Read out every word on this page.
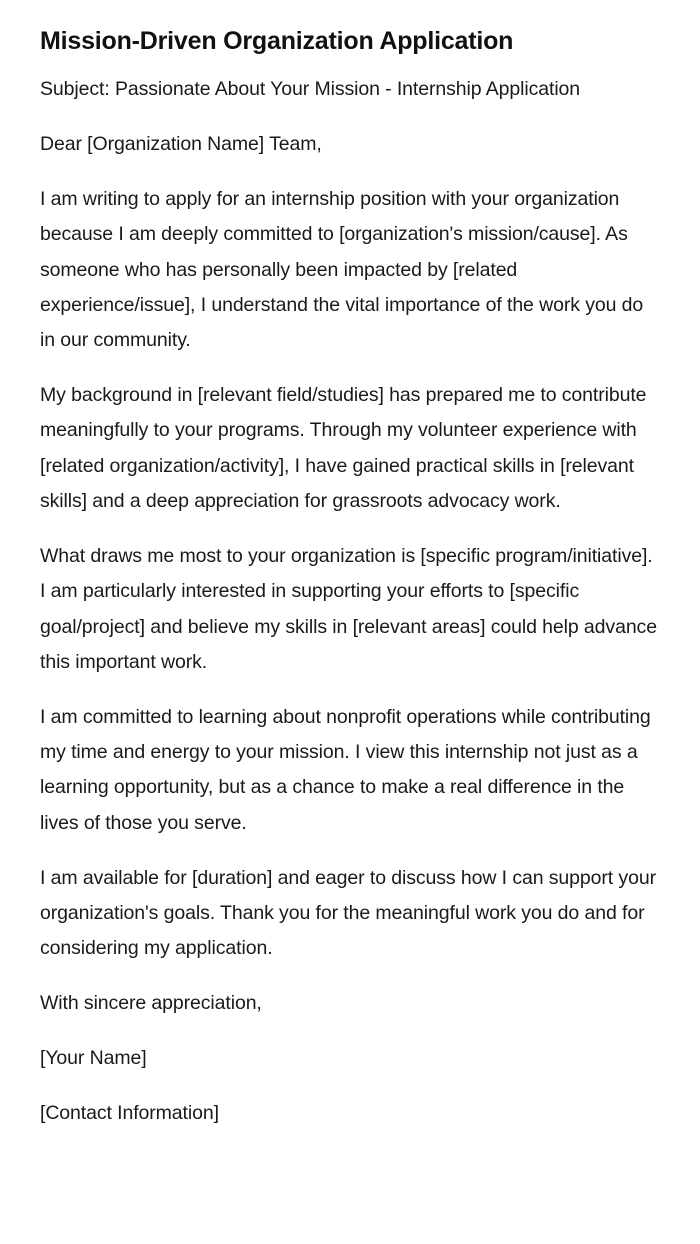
Mission-Driven Organization Application

Subject: Passionate About Your Mission - Internship Application

Dear [Organization Name] Team,

I am writing to apply for an internship position with your organization because I am deeply committed to [organization's mission/cause]. As someone who has personally been impacted by [related experience/issue], I understand the vital importance of the work you do in our community.

My background in [relevant field/studies] has prepared me to contribute meaningfully to your programs. Through my volunteer experience with [related organization/activity], I have gained practical skills in [relevant skills] and a deep appreciation for grassroots advocacy work.

What draws me most to your organization is [specific program/initiative]. I am particularly interested in supporting your efforts to [specific goal/project] and believe my skills in [relevant areas] could help advance this important work.

I am committed to learning about nonprofit operations while contributing my time and energy to your mission. I view this internship not just as a learning opportunity, but as a chance to make a real difference in the lives of those you serve.

I am available for [duration] and eager to discuss how I can support your organization's goals. Thank you for the meaningful work you do and for considering my application.

With sincere appreciation,

[Your Name]

[Contact Information]
